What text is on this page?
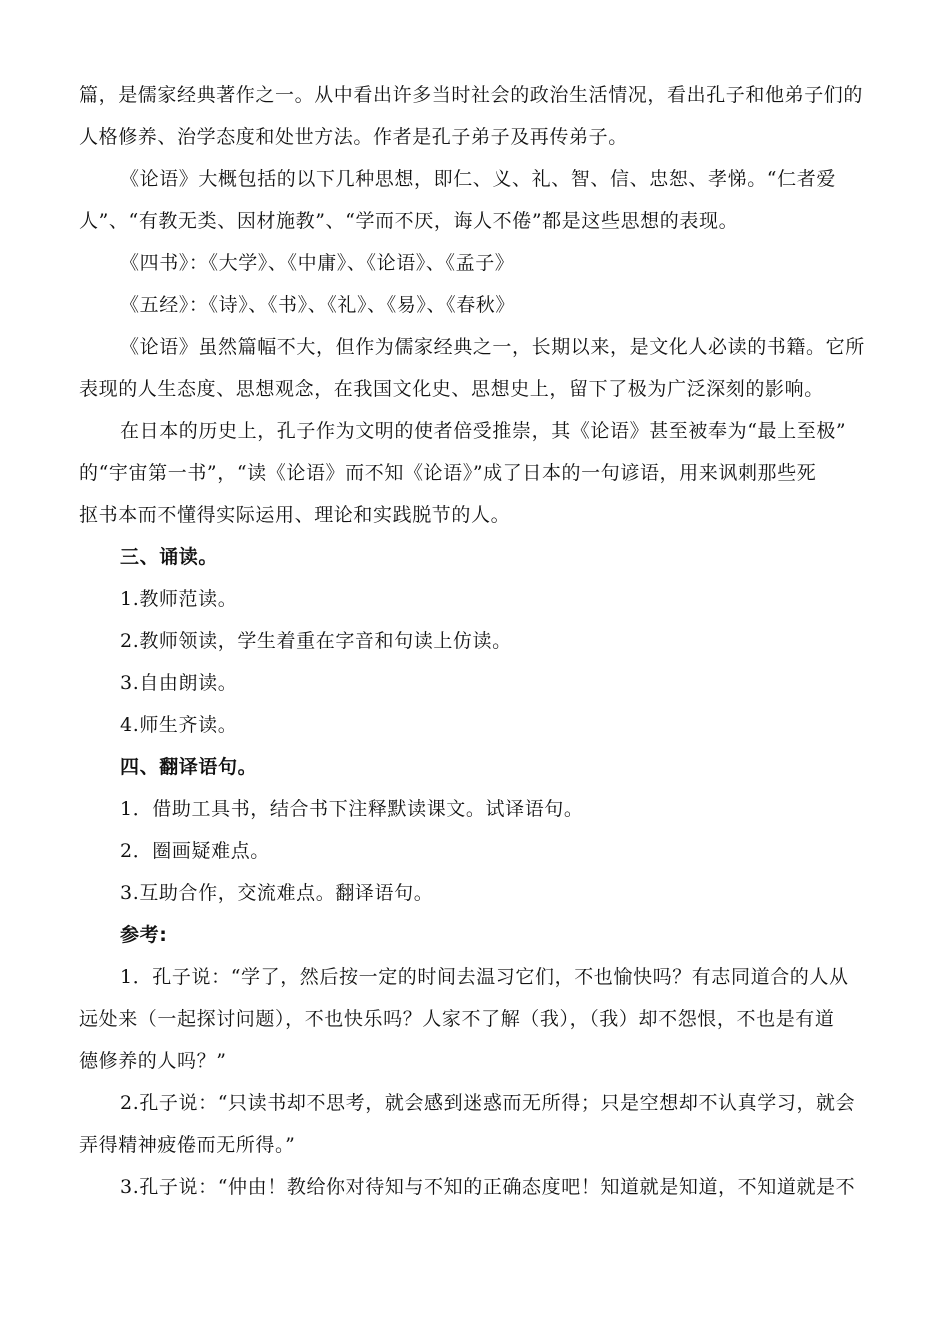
篇，是儒家经典著作之一。从中看出许多当时社会的政治生活情况，看出孔子和他弟子们的
人格修养、治学态度和处世方法。作者是孔子弟子及再传弟子。
《论语》大概包括的以下几种思想，即仁、义、礼、智、信、忠恕、孝悌。“仁者爱
人”、“有教无类、因材施教”、“学而不厌，诲人不倦”都是这些思想的表现。
《四书》：《大学》、《中庸》、《论语》、《孟子》
《五经》：《诗》、《书》、《礼》、《易》、《春秋》
《论语》虽然篇幅不大，但作为儒家经典之一，长期以来，是文化人必读的书籍。它所
表现的人生态度、思想观念，在我国文化史、思想史上，留下了极为广泛深刻的影响。
在日本的历史上，孔子作为文明的使者倍受推崇，其《论语》甚至被奉为“最上至极”
的“宇宙第一书”，“读《论语》而不知《论语》”成了日本的一句谚语，用来讽刺那些死
抠书本而不懂得实际运用、理论和实践脱节的人。
三、诵读。
1.教师范读。
2.教师领读，学生着重在字音和句读上仿读。
3.自由朗读。
4.师生齐读。
四、翻译语句。
1．借助工具书，结合书下注释默读课文。试译语句。
2．圈画疑难点。
3.互助合作，交流难点。翻译语句。
参考:
1．孔子说：“学了，然后按一定的时间去温习它们，不也愉快吗？有志同道合的人从
远处来（一起探讨问题），不也快乐吗？人家不了解（我），（我）却不怨恨，不也是有道
德修养的人吗？”
2.孔子说：“只读书却不思考，就会感到迷惑而无所得；只是空想却不认真学习，就会
弄得精神疲倦而无所得。”
3.孔子说：“仲由！教给你对待知与不知的正确态度吧！知道就是知道，不知道就是不
